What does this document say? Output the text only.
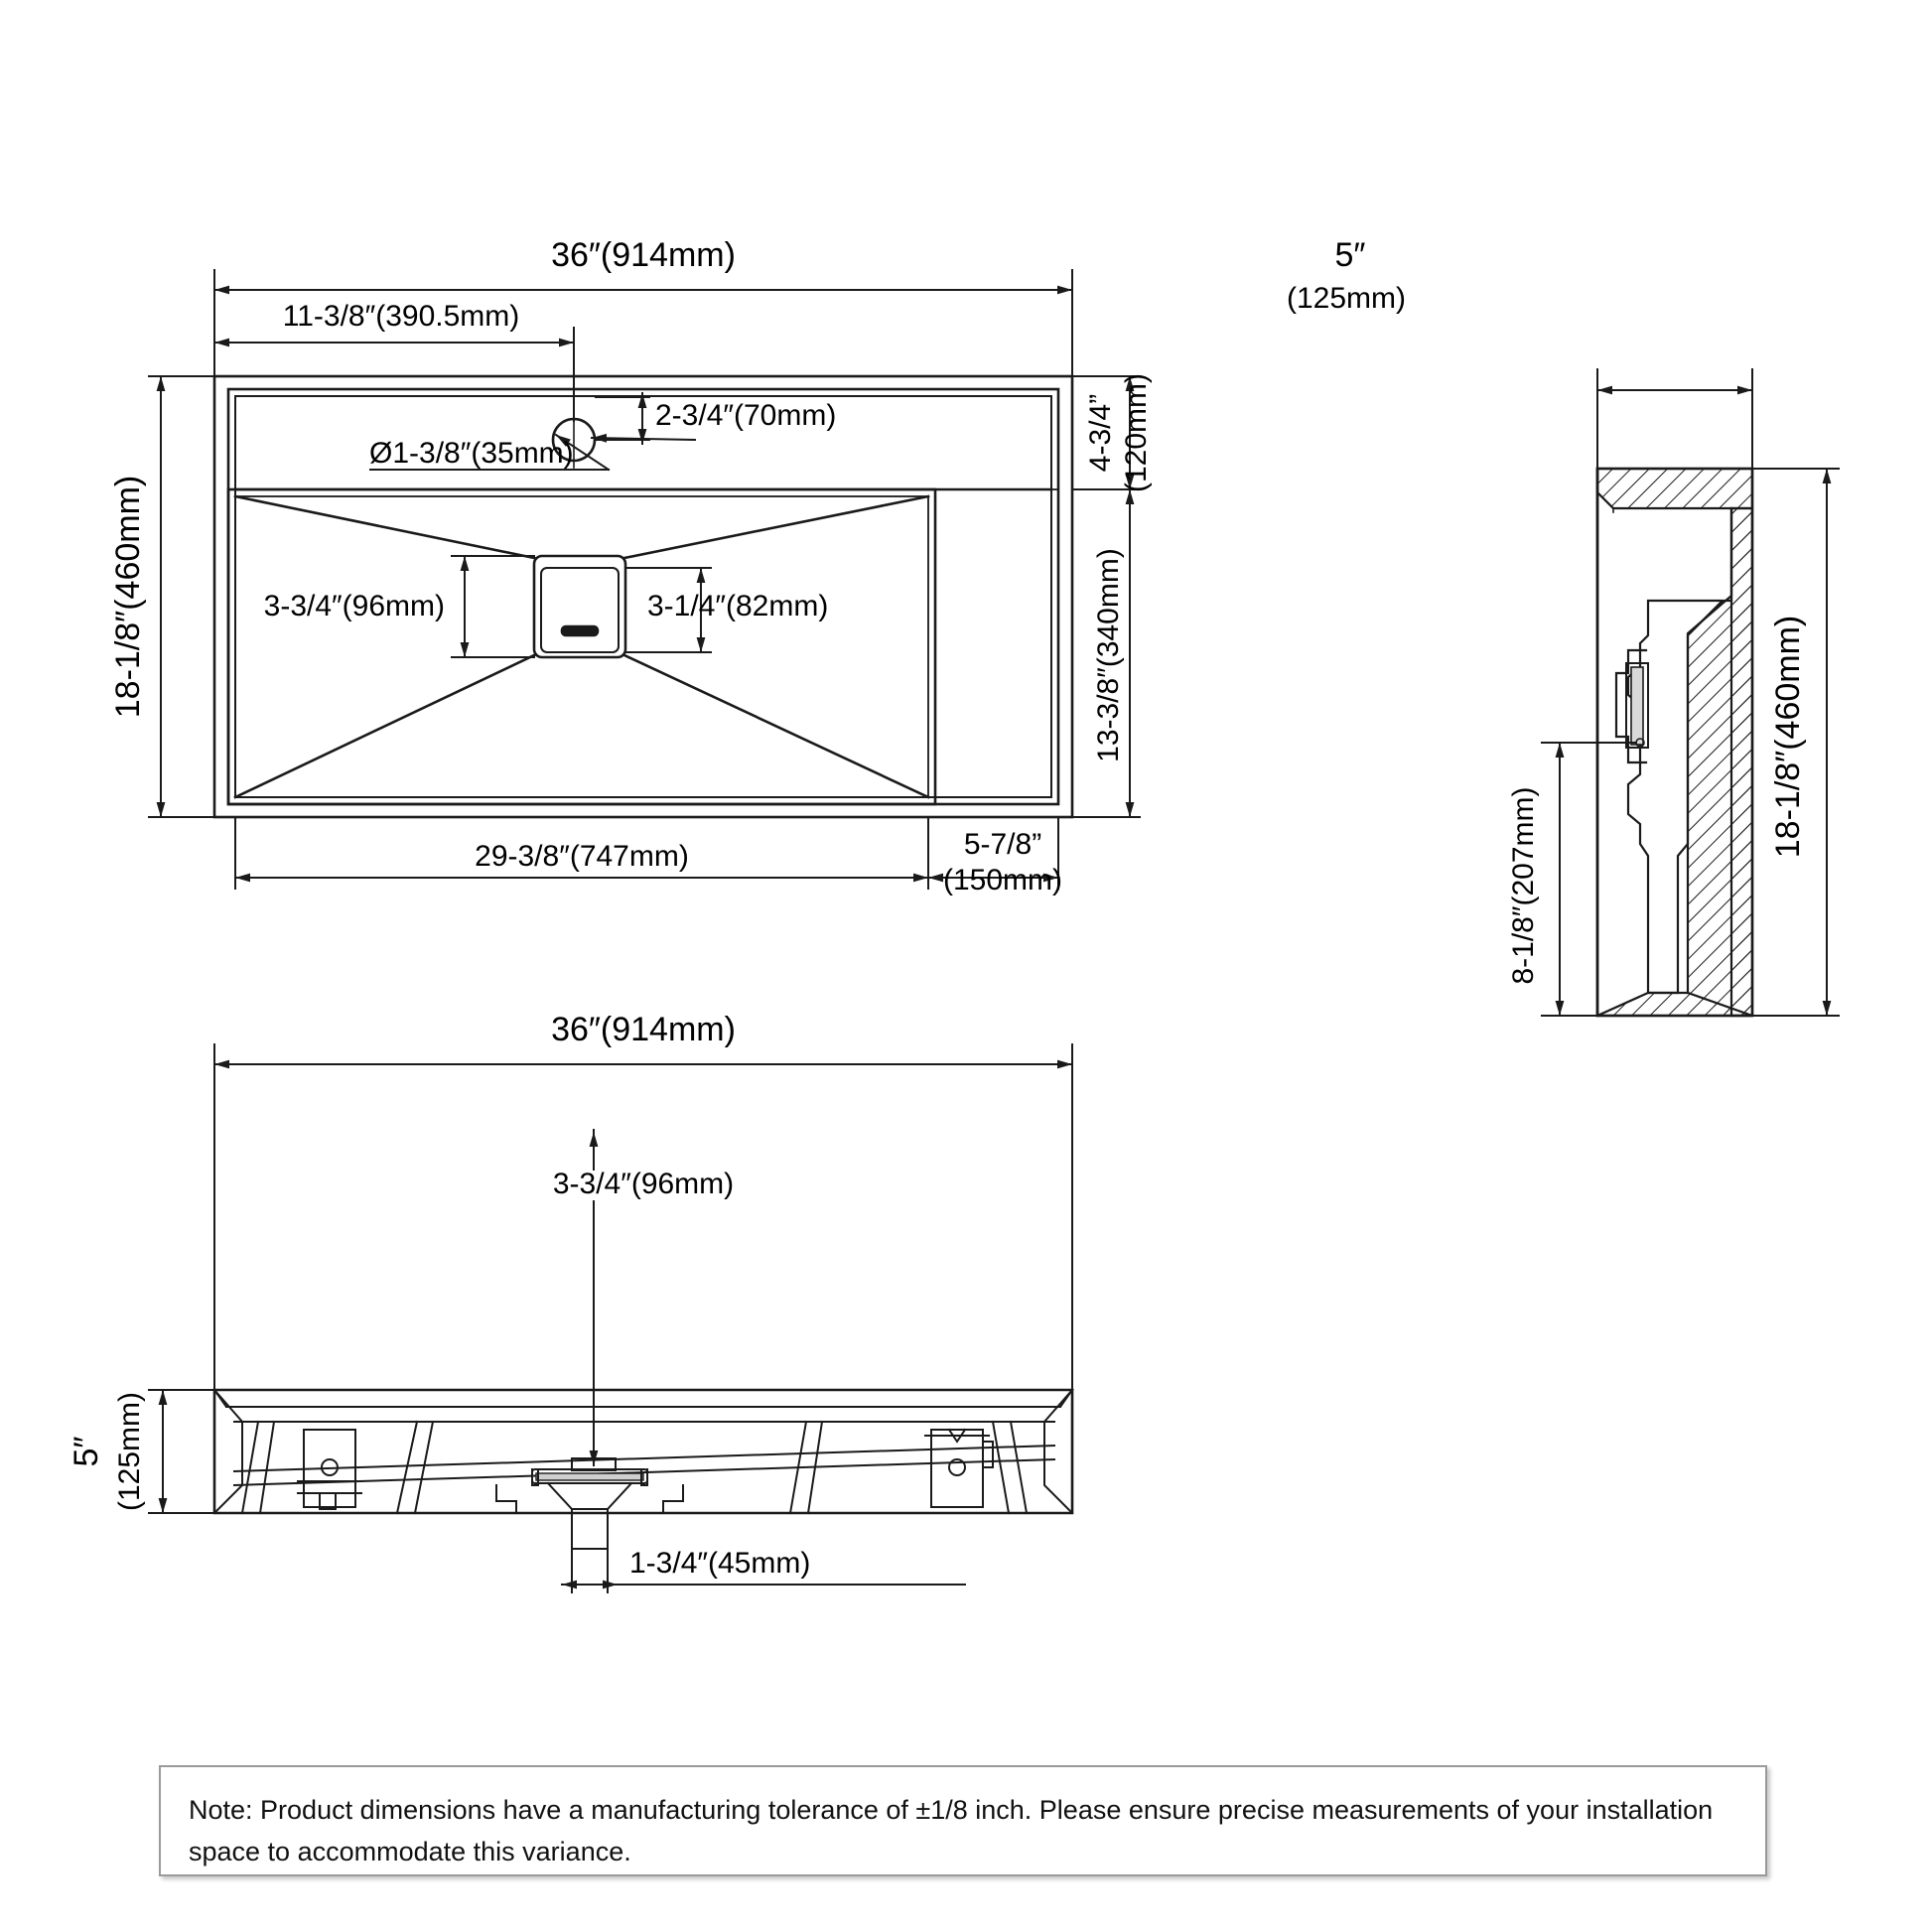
36″(914mm)
11-3/8″(390.5mm)
2-3/4″(70mm)
Ø1-3/8″(35mm)
18-1/8″(460mm)
4-3/4” (120mm)
13-3/8″(340mm)
3-3/4″(96mm)	3-1/4″(82mm)
29-3/8″(747mm)	5-7/8”
(150mm)
5″
(125mm)
18-1/8″(460mm)
8-1/8″(207mm)
36″(914mm)
5″ (125mm)
3-3/4″(96mm)
1-3/4″(45mm)
Note: Product dimensions have a manufacturing tolerance of ±1/8 inch. Please ensure precise measurements of your installation space to accommodate this variance.
